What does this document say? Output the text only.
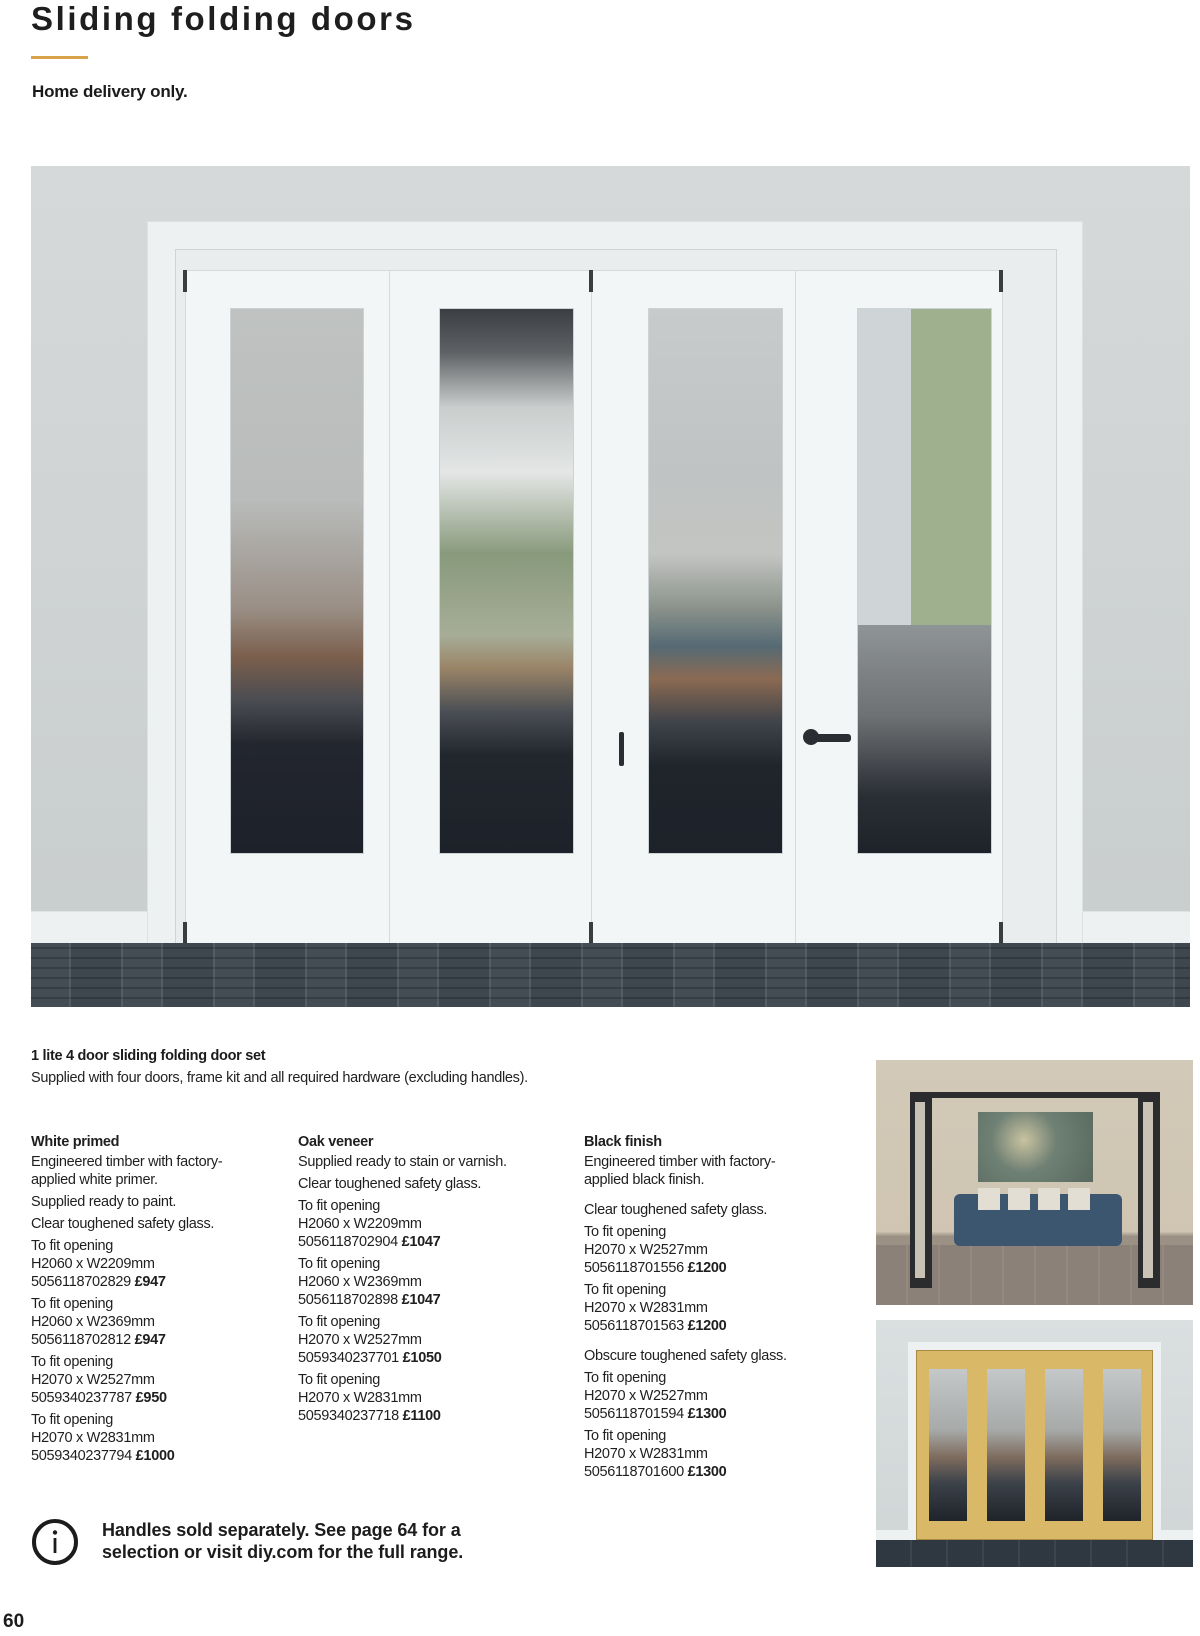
Sliding folding doors
Home delivery only.
1 lite 4 door sliding folding door set
Supplied with four doors, frame kit and all required hardware (excluding handles).
White primed
Engineered timber with factory-applied white primer.
Supplied ready to paint.
Clear toughened safety glass.
To fit opening
H2060 x W2209mm
5056118702829 £947
To fit opening
H2060 x W2369mm
5056118702812 £947
To fit opening
H2070 x W2527mm
5059340237787 £950
To fit opening
H2070 x W2831mm
5059340237794 £1000
Oak veneer
Supplied ready to stain or varnish.
Clear toughened safety glass.
To fit opening
H2060 x W2209mm
5056118702904 £1047
To fit opening
H2060 x W2369mm
5056118702898 £1047
To fit opening
H2070 x W2527mm
5059340237701 £1050
To fit opening
H2070 x W2831mm
5059340237718 £1100
Black finish
Engineered timber with factory-applied black finish.
Clear toughened safety glass.
To fit opening
H2070 x W2527mm
5056118701556 £1200
To fit opening
H2070 x W2831mm
5056118701563 £1200
Obscure toughened safety glass.
To fit opening
H2070 x W2527mm
5056118701594 £1300
To fit opening
H2070 x W2831mm
5056118701600 £1300
Handles sold separately. See page 64 for a
selection or visit diy.com for the full range.
60
